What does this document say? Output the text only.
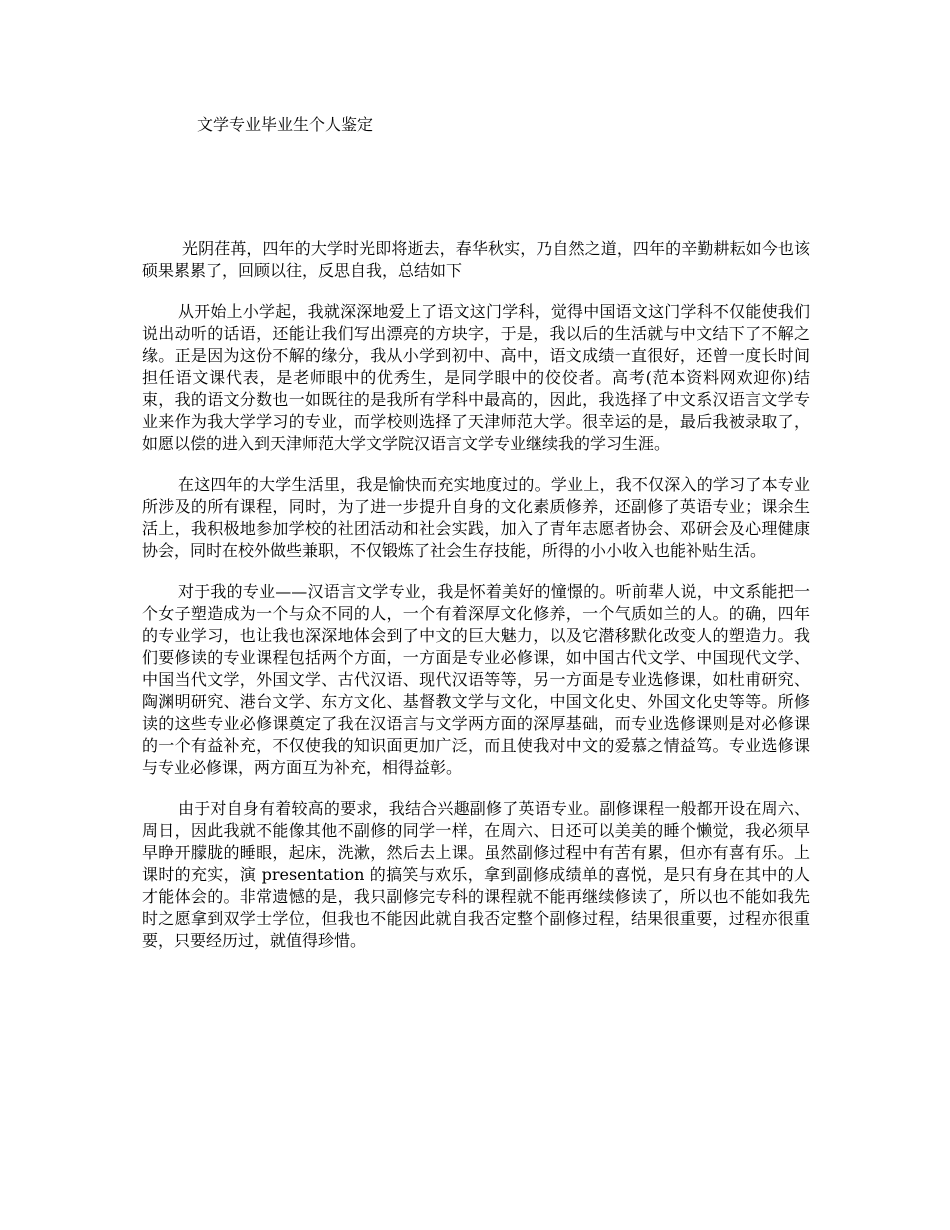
文学专业毕业生个人鉴定

光阴荏苒，四年的大学时光即将逝去，春华秋实，乃自然之道，四年的辛勤耕耘如今也该硕果累累了，回顾以往，反思自我，总结如下

从开始上小学起，我就深深地爱上了语文这门学科，觉得中国语文这门学科不仅能使我们说出动听的话语，还能让我们写出漂亮的方块字，于是，我以后的生活就与中文结下了不解之缘。正是因为这份不解的缘分，我从小学到初中、高中，语文成绩一直很好，还曾一度长时间担任语文课代表，是老师眼中的优秀生，是同学眼中的佼佼者。高考(范本资料网欢迎你)结束，我的语文分数也一如既往的是我所有学科中最高的，因此，我选择了中文系汉语言文学专业来作为我大学学习的专业，而学校则选择了天津师范大学。很幸运的是，最后我被录取了，如愿以偿的进入到天津师范大学文学院汉语言文学专业继续我的学习生涯。

在这四年的大学生活里，我是愉快而充实地度过的。学业上，我不仅深入的学习了本专业所涉及的所有课程，同时，为了进一步提升自身的文化素质修养，还副修了英语专业；课余生活上，我积极地参加学校的社团活动和社会实践，加入了青年志愿者协会、邓研会及心理健康协会，同时在校外做些兼职，不仅锻炼了社会生存技能，所得的小小收入也能补贴生活。

对于我的专业——汉语言文学专业，我是怀着美好的憧憬的。听前辈人说，中文系能把一个女子塑造成为一个与众不同的人，一个有着深厚文化修养，一个气质如兰的人。的确，四年的专业学习，也让我也深深地体会到了中文的巨大魅力，以及它潜移默化改变人的塑造力。我们要修读的专业课程包括两个方面，一方面是专业必修课，如中国古代文学、中国现代文学、中国当代文学，外国文学、古代汉语、现代汉语等等，另一方面是专业选修课，如杜甫研究、陶渊明研究、港台文学、东方文化、基督教文学与文化，中国文化史、外国文化史等等。所修读的这些专业必修课奠定了我在汉语言与文学两方面的深厚基础，而专业选修课则是对必修课的一个有益补充，不仅使我的知识面更加广泛，而且使我对中文的爱慕之情益笃。专业选修课与专业必修课，两方面互为补充，相得益彰。

由于对自身有着较高的要求，我结合兴趣副修了英语专业。副修课程一般都开设在周六、周日，因此我就不能像其他不副修的同学一样，在周六、日还可以美美的睡个懒觉，我必须早早睁开朦胧的睡眼，起床，洗漱，然后去上课。虽然副修过程中有苦有累，但亦有喜有乐。上课时的充实，演 presentation 的搞笑与欢乐，拿到副修成绩单的喜悦，是只有身在其中的人才能体会的。非常遗憾的是，我只副修完专科的课程就不能再继续修读了，所以也不能如我先时之愿拿到双学士学位，但我也不能因此就自我否定整个副修过程，结果很重要，过程亦很重要，只要经历过，就值得珍惜。
